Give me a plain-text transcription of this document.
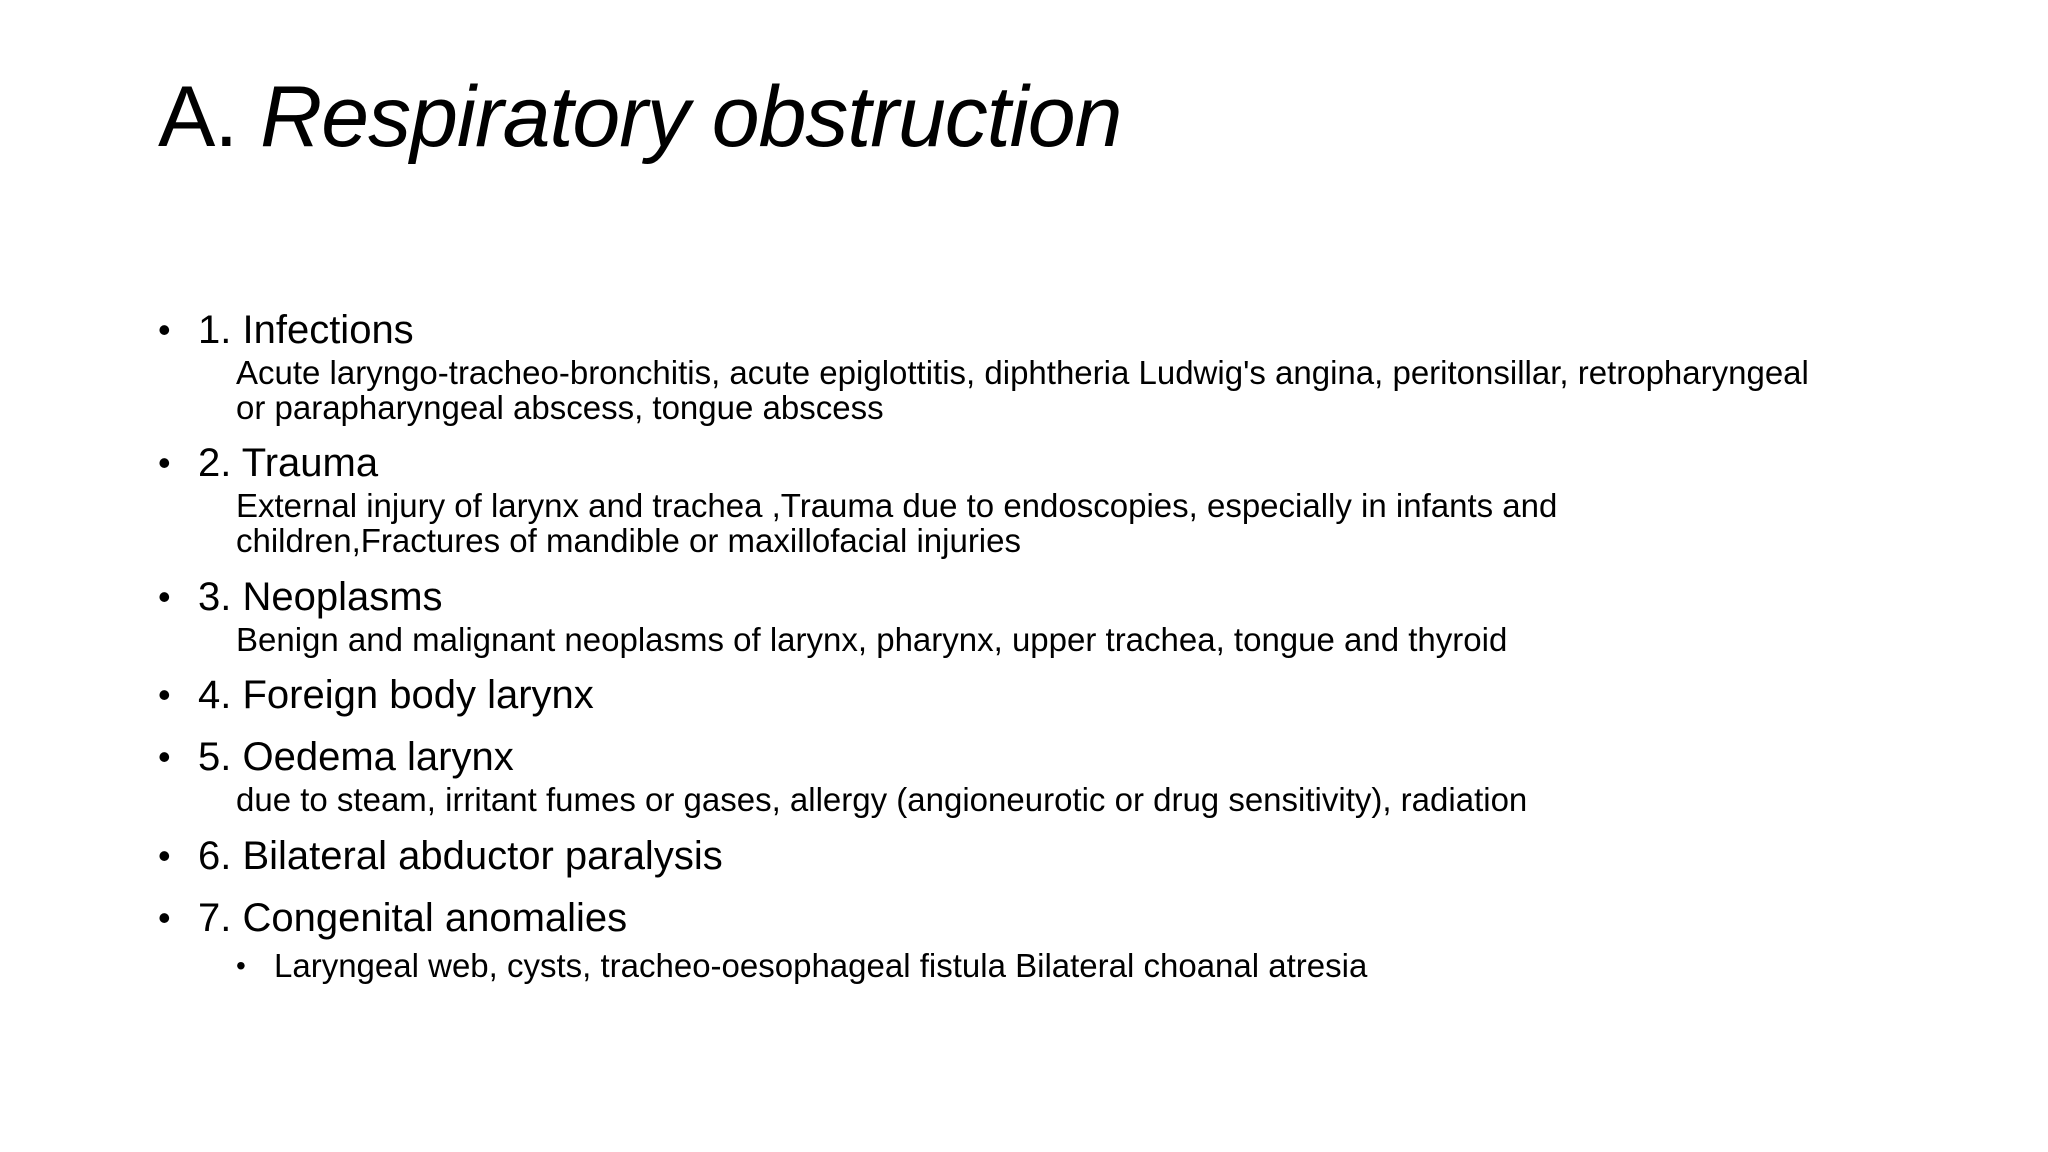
A. Respiratory obstruction
• 1. Infections
Acute laryngo-tracheo-bronchitis, acute epiglottitis, diphtheria Ludwig's angina, peritonsillar, retropharyngeal or parapharyngeal abscess, tongue abscess
• 2. Trauma
External injury of larynx and trachea ,Trauma due to endoscopies, especially in infants and children,Fractures of mandible or maxillofacial injuries
• 3. Neoplasms
Benign and malignant neoplasms of larynx, pharynx, upper trachea, tongue and thyroid
• 4. Foreign body larynx
• 5. Oedema larynx
due to steam, irritant fumes or gases, allergy (angioneurotic or drug sensitivity), radiation
• 6. Bilateral abductor paralysis
• 7. Congenital anomalies
• Laryngeal web, cysts, tracheo-oesophageal fistula Bilateral choanal atresia
